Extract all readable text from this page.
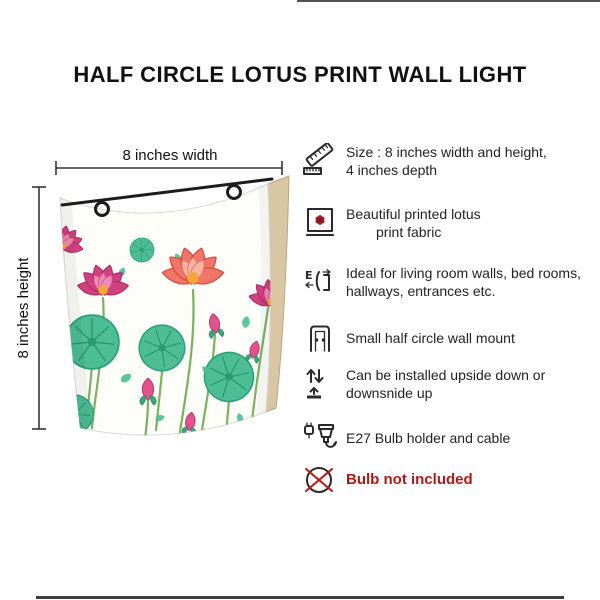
HALF CIRCLE LOTUS PRINT WALL LIGHT
8 inches width
8 inches height
Size : 8 inches width and height,
4 inches depth
Beautiful printed lotus
print fabric
E Ideal for living room walls, bed rooms,
hallways, entrances etc.
Small half circle wall mount
Can be installed upside down or
downsnide up
E27 Bulb holder and cable
Bulb not included
